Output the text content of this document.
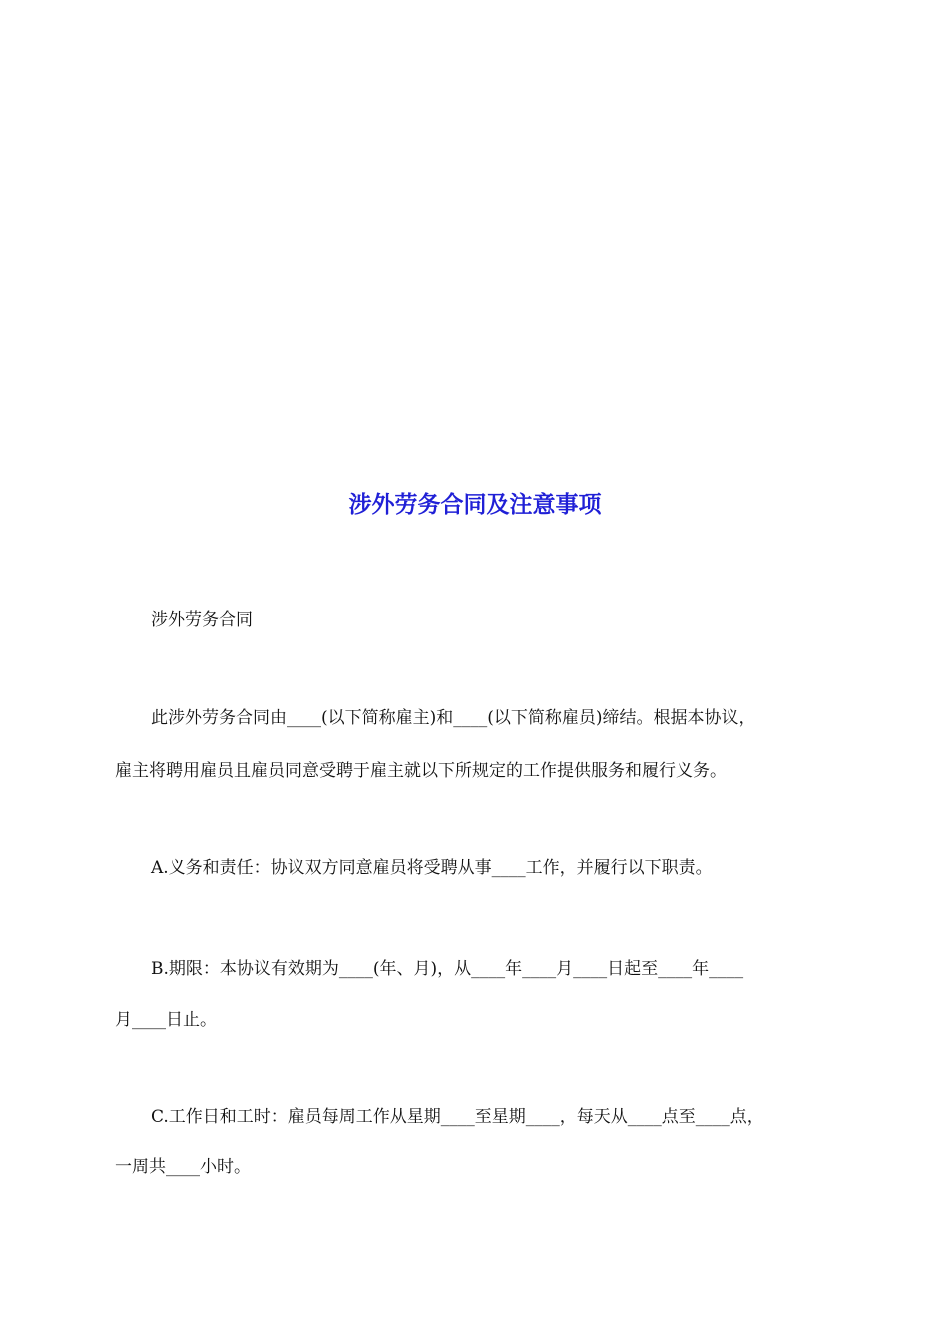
涉外劳务合同及注意事项
涉外劳务合同
此涉外劳务合同由____(以下简称雇主)和____(以下简称雇员)缔结。根据本协议，
雇主将聘用雇员且雇员同意受聘于雇主就以下所规定的工作提供服务和履行义务。
A.义务和责任：协议双方同意雇员将受聘从事____工作，并履行以下职责。
B.期限：本协议有效期为____(年、月)，从____年____月____日起至____年____
月____日止。
C.工作日和工时：雇员每周工作从星期____至星期____，每天从____点至____点，
一周共____小时。
